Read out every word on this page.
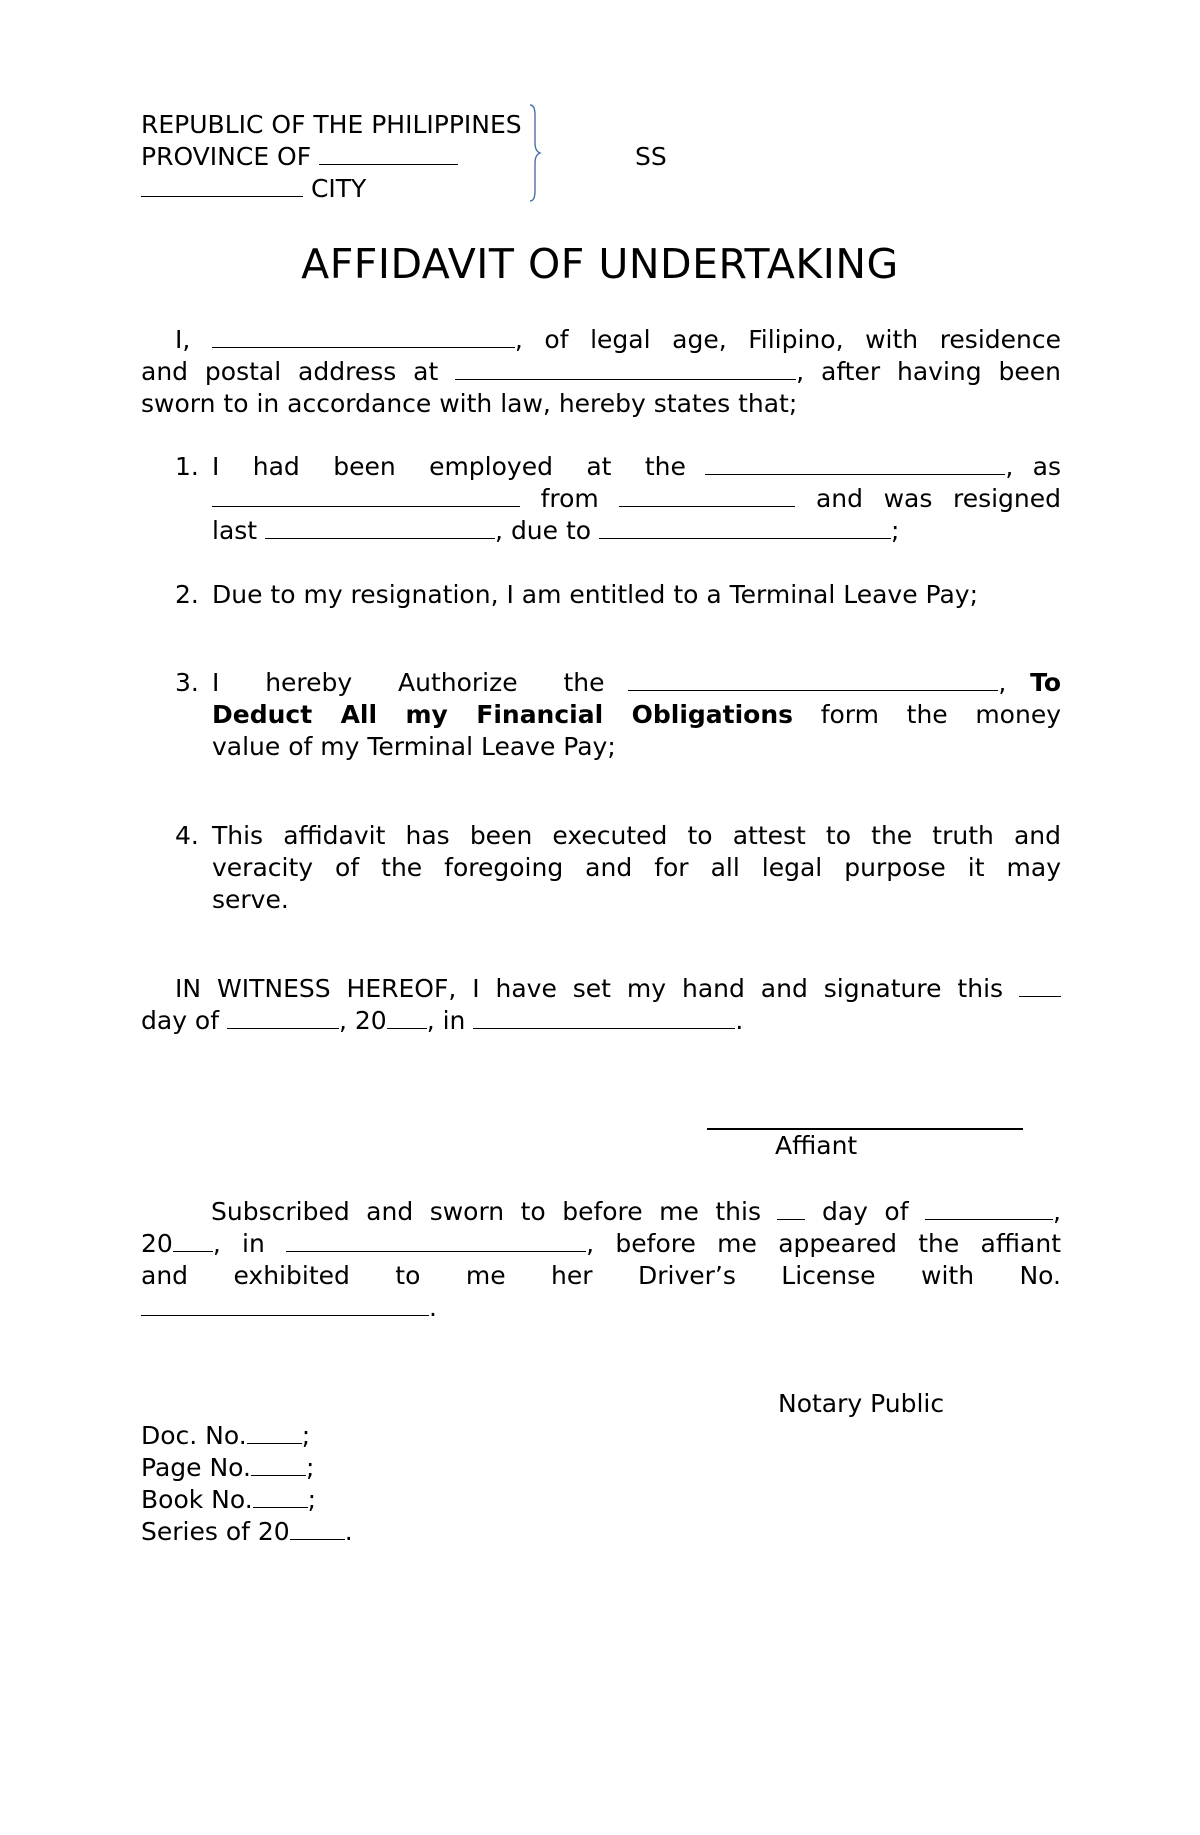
REPUBLIC OF THE PHILIPPINES
PROVINCE OF	SS
CITY
AFFIDAVIT OF UNDERTAKING
I,	, of legal age, Filipino, with residence
and postal address at	, after having been
sworn to in accordance with law, hereby states that;
1. I had been employed at the	, as
from	and was resigned
last	, due to	;
2. Due to my resignation, I am entitled to a Terminal Leave Pay;
3. I hereby Authorize the	, To
Deduct All my Financial Obligations form the money
value of my Terminal Leave Pay;
4. This affidavit has been executed to attest to the truth and
veracity of the foregoing and for all legal purpose it may
serve.
IN WITNESS HEREOF, I have set my hand and signature this
day of	, 20 , in	.
Affiant
Subscribed and sworn to before me this day of	,
20 , in	, before me appeared the affiant
and exhibited to me her Driver’s License with No.
.
Notary Public
Doc. No. ;
Page No. ;
Book No. ;
Series of 20 .
